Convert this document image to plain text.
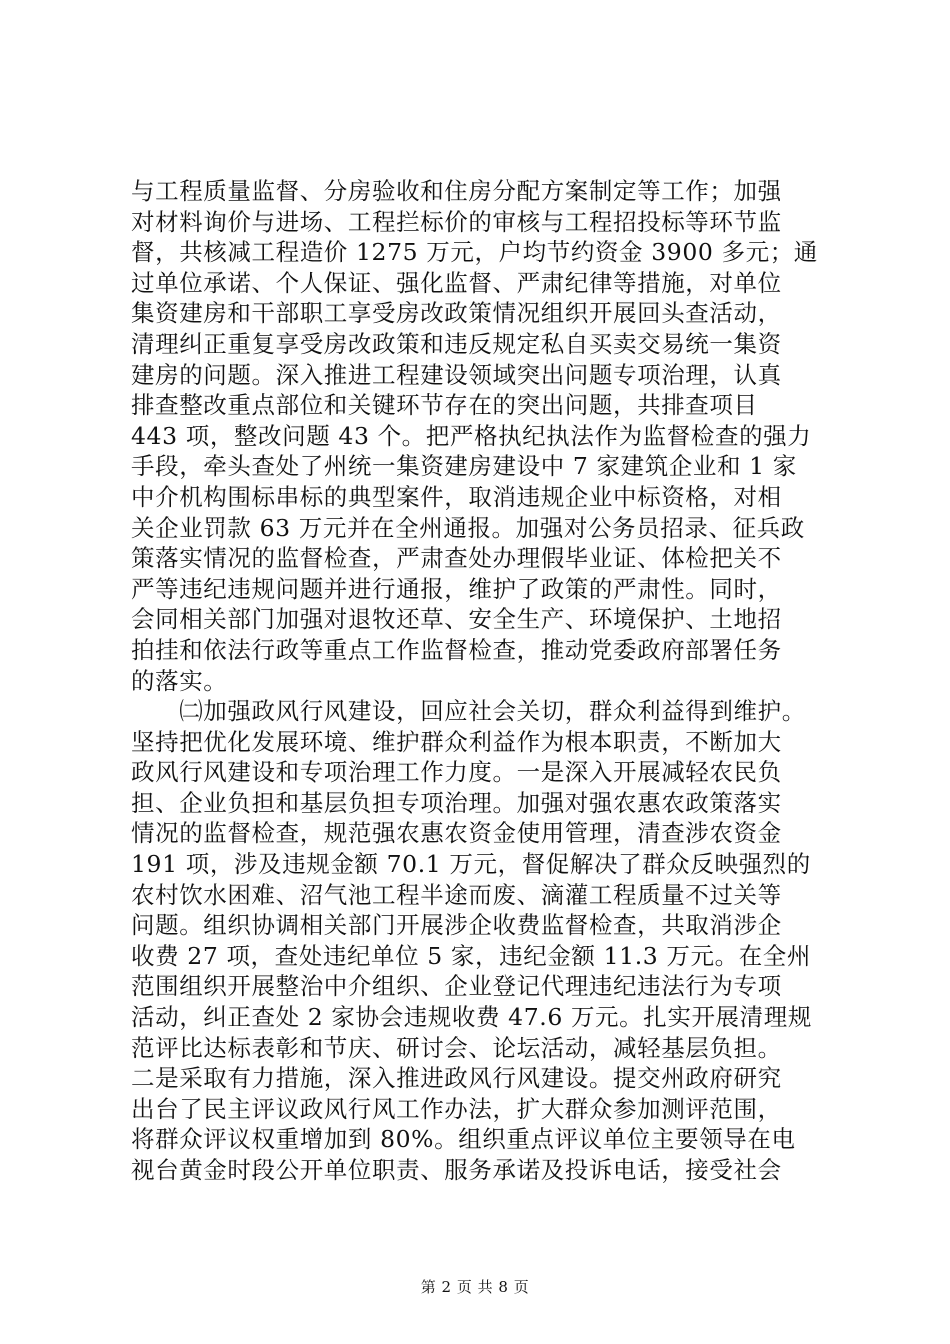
与工程质量监督、分房验收和住房分配方案制定等工作；加强
对材料询价与进场、工程拦标价的审核与工程招投标等环节监
督，共核减工程造价 1275 万元，户均节约资金 3900 多元；通
过单位承诺、个人保证、强化监督、严肃纪律等措施，对单位
集资建房和干部职工享受房改政策情况组织开展回头查活动，
清理纠正重复享受房改政策和违反规定私自买卖交易统一集资
建房的问题。深入推进工程建设领域突出问题专项治理，认真
排查整改重点部位和关键环节存在的突出问题，共排查项目
443 项，整改问题 43 个。把严格执纪执法作为监督检查的强力
手段，牵头查处了州统一集资建房建设中 7 家建筑企业和 1 家
中介机构围标串标的典型案件，取消违规企业中标资格，对相
关企业罚款 63 万元并在全州通报。加强对公务员招录、征兵政
策落实情况的监督检查，严肃查处办理假毕业证、体检把关不
严等违纪违规问题并进行通报，维护了政策的严肃性。同时，
会同相关部门加强对退牧还草、安全生产、环境保护、土地招
拍挂和依法行政等重点工作监督检查，推动党委政府部署任务
的落实。
　　㈡加强政风行风建设，回应社会关切，群众利益得到维护。
坚持把优化发展环境、维护群众利益作为根本职责，不断加大
政风行风建设和专项治理工作力度。一是深入开展减轻农民负
担、企业负担和基层负担专项治理。加强对强农惠农政策落实
情况的监督检查，规范强农惠农资金使用管理，清查涉农资金
191 项，涉及违规金额 70.1 万元，督促解决了群众反映强烈的
农村饮水困难、沼气池工程半途而废、滴灌工程质量不过关等
问题。组织协调相关部门开展涉企收费监督检查，共取消涉企
收费 27 项，查处违纪单位 5 家，违纪金额 11.3 万元。在全州
范围组织开展整治中介组织、企业登记代理违纪违法行为专项
活动，纠正查处 2 家协会违规收费 47.6 万元。扎实开展清理规
范评比达标表彰和节庆、研讨会、论坛活动，减轻基层负担。
二是采取有力措施，深入推进政风行风建设。提交州政府研究
出台了民主评议政风行风工作办法，扩大群众参加测评范围，
将群众评议权重增加到 80%。组织重点评议单位主要领导在电
视台黄金时段公开单位职责、服务承诺及投诉电话，接受社会
第 2 页 共 8 页
